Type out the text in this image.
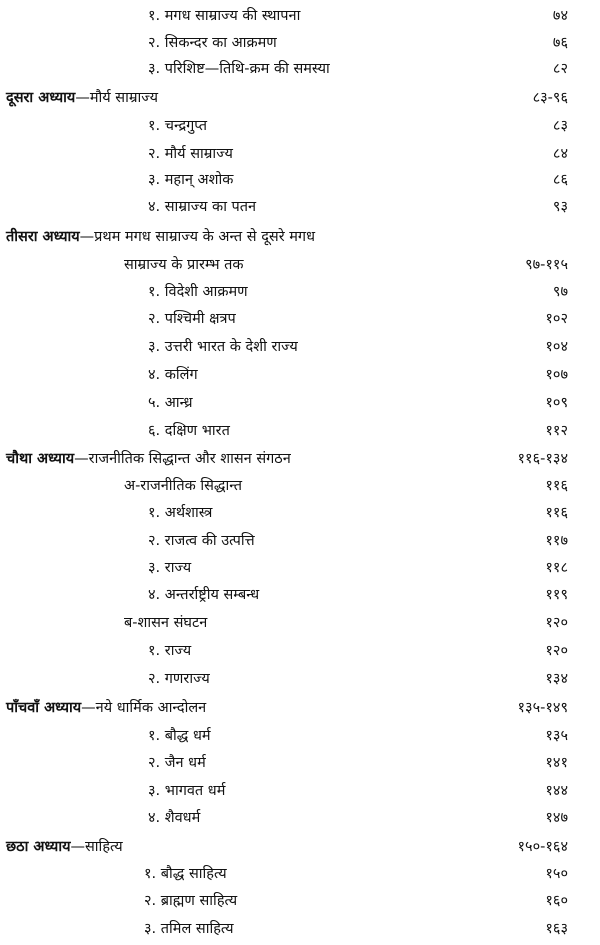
१. मगध साम्राज्य की स्थापना	७४
२. सिकन्दर का आक्रमण	७६
३. परिशिष्ट—तिथि-क्रम की समस्या	८२
दूसरा अध्याय—मौर्य साम्राज्य	८३-९६
१. चन्द्रगुप्त	८३
२. मौर्य साम्राज्य	८४
३. महान् अशोक	८६
४. साम्राज्य का पतन	९३
तीसरा अध्याय—प्रथम मगध साम्राज्य के अन्त से दूसरे मगध
साम्राज्य के प्रारम्भ तक	९७-११५
१. विदेशी आक्रमण	९७
२. पश्चिमी क्षत्रप	१०२
३. उत्तरी भारत के देशी राज्य	१०४
४. कलिंग	१०७
५. आन्ध्र	१०९
६. दक्षिण भारत	११२
चौथा अध्याय—राजनीतिक सिद्धान्त और शासन संगठन	११६-१३४
अ-राजनीतिक सिद्धान्त	११६
१. अर्थशास्त्र	११६
२. राजत्व की उत्पत्ति	११७
३. राज्य	११८
४. अन्तर्राष्ट्रीय सम्बन्ध	११९
ब-शासन संघटन	१२०
१. राज्य	१२०
२. गणराज्य	१३४
पाँचवाँ अध्याय—नये धार्मिक आन्दोलन	१३५-१४९
१. बौद्ध धर्म	१३५
२. जैन धर्म	१४१
३. भागवत धर्म	१४४
४. शैवधर्म	१४७
छठा अध्याय—साहित्य	१५०-१६४
१. बौद्ध साहित्य	१५०
२. ब्राह्मण साहित्य	१६०
३. तमिल साहित्य	१६३
